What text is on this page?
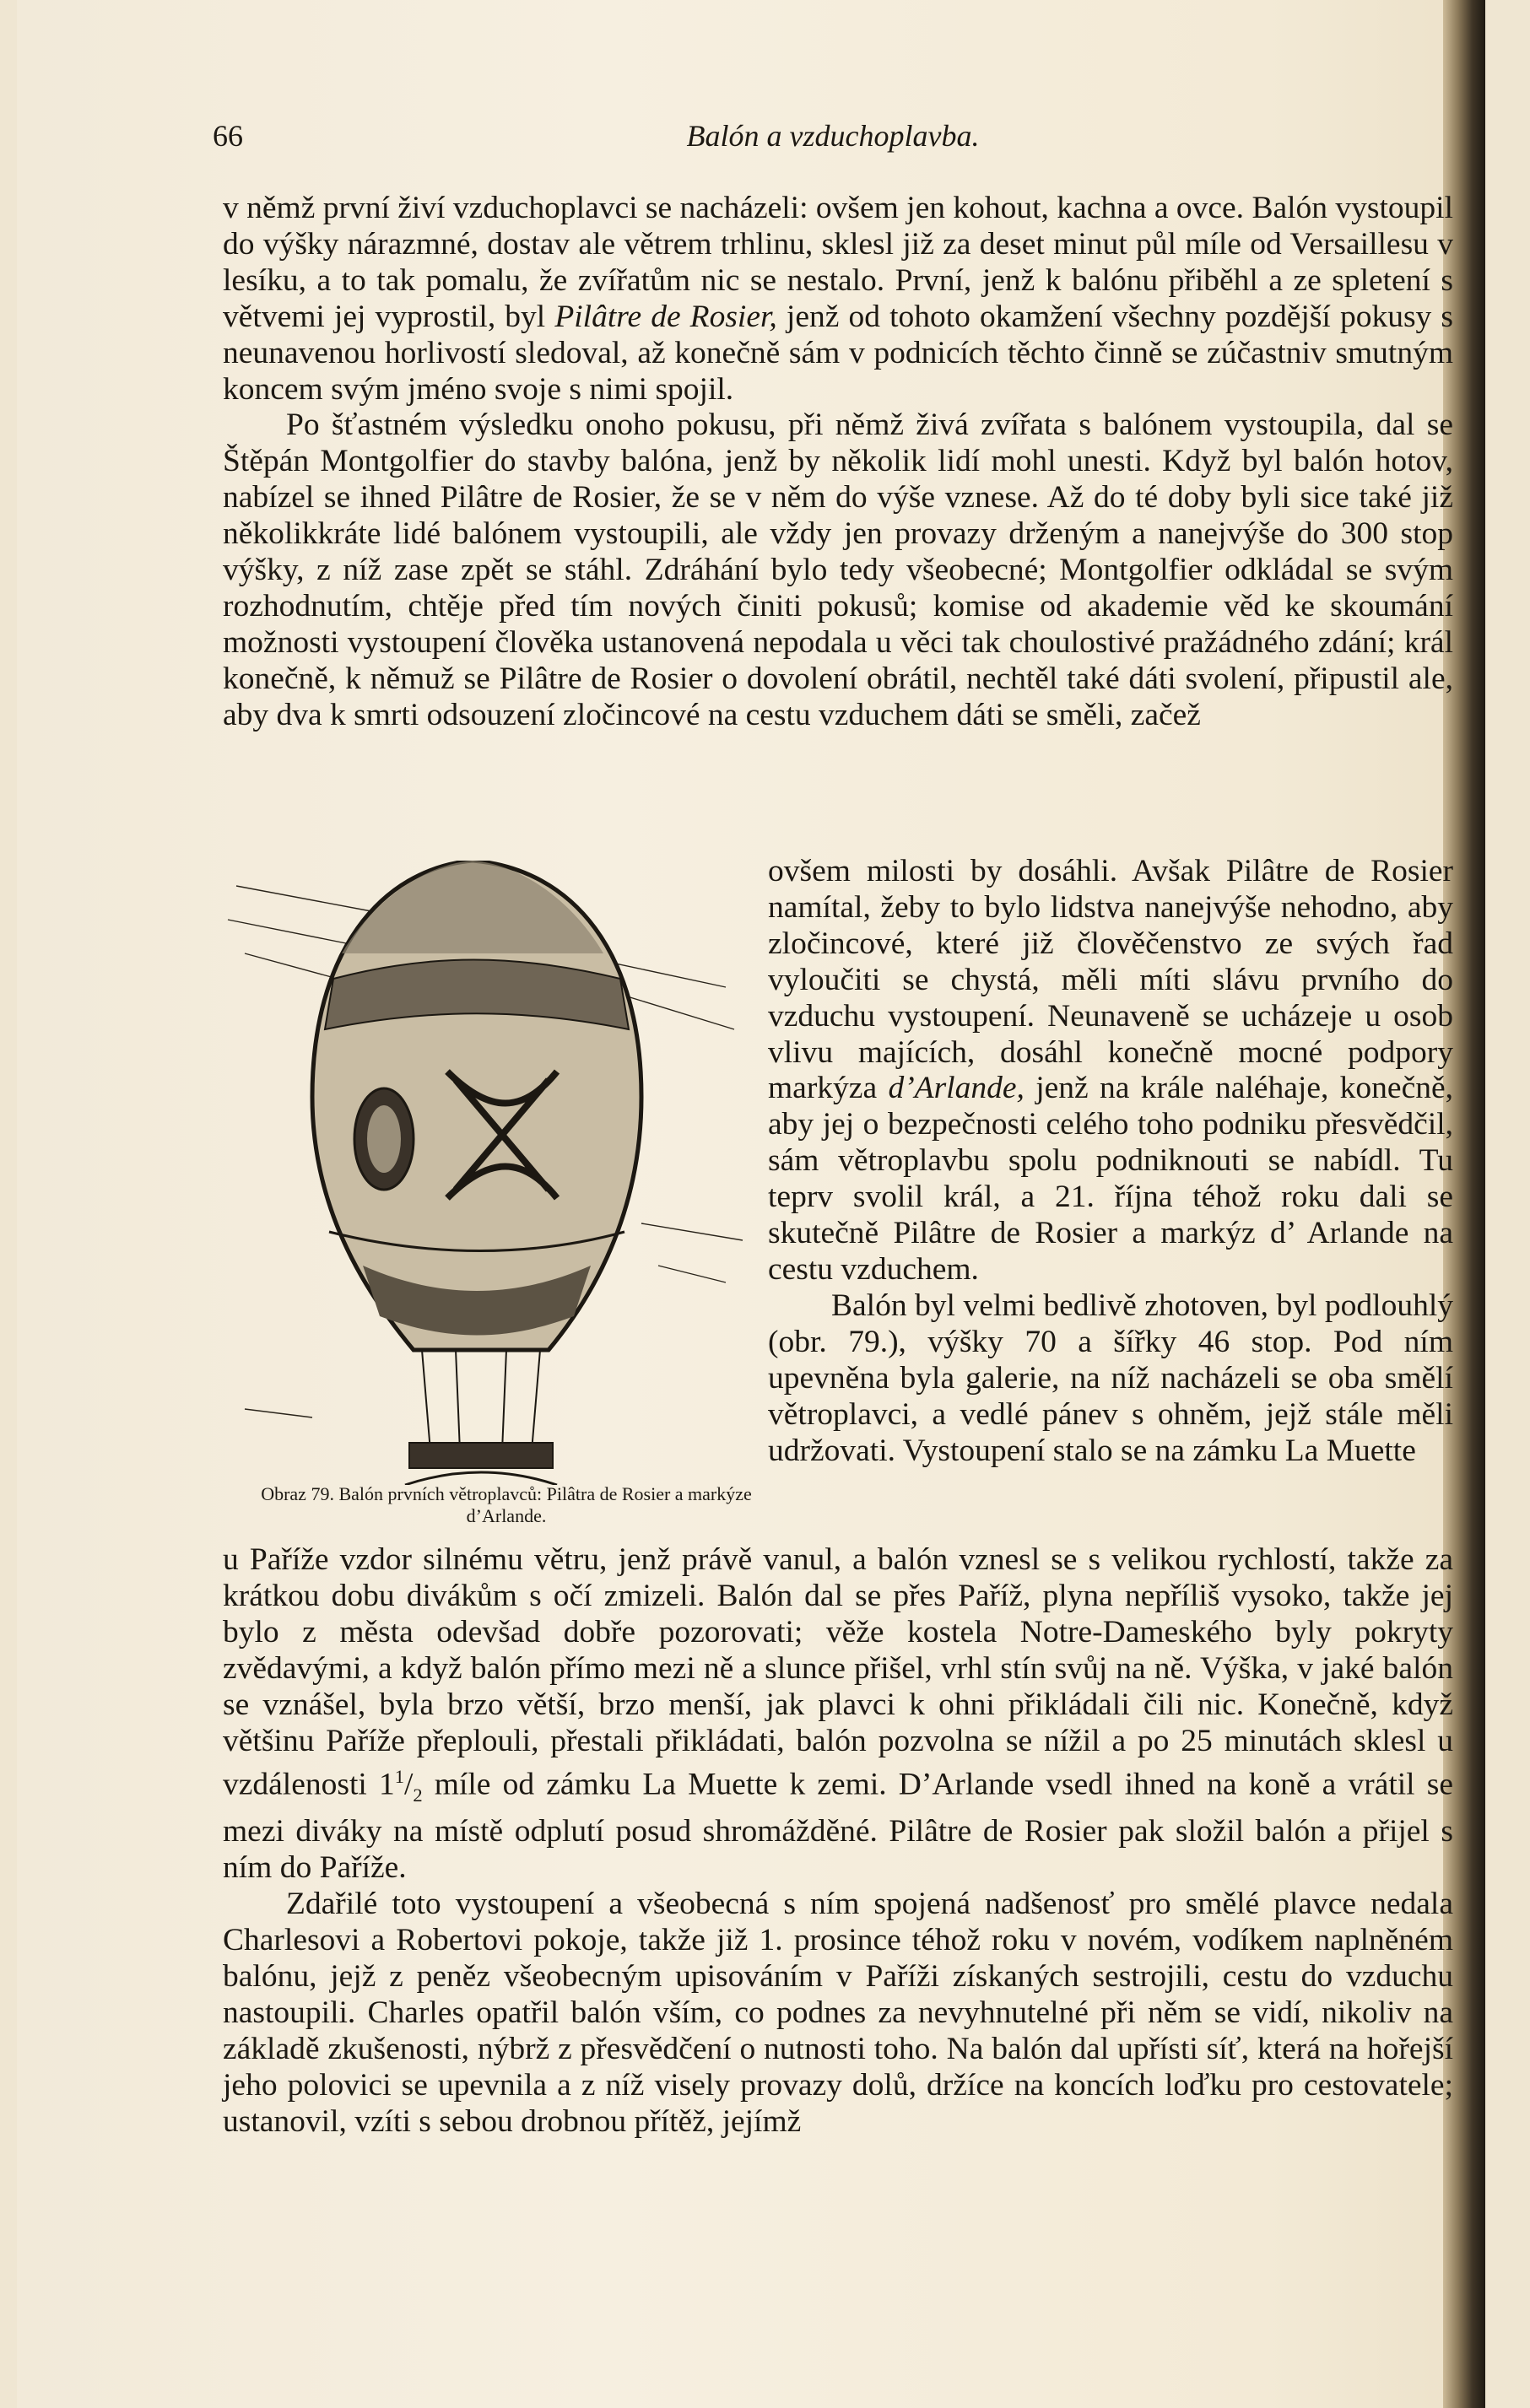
66	Balón a vzduchoplavba.

v němž první živí vzduchoplavci se nacházeli: ovšem jen kohout, kachna a ovce. Balón vystoupil do výšky nárazmné, dostav ale větrem trhlinu, sklesl již za deset minut půl míle od Versaillesu v lesíku, a to tak pomalu, že zvířatům nic se nestalo. První, jenž k balónu přiběhl a ze spletení s větvemi jej vyprostil, byl Pilâtre de Rosier, jenž od tohoto okamžení všechny pozdější pokusy s neunavenou horlivostí sledoval, až konečně sám v podnicích těchto činně se zúčastniv smutným koncem svým jméno svoje s nimi spojil.

Po šťastném výsledku onoho pokusu, při němž živá zvířata s balónem vystoupila, dal se Štěpán Montgolfier do stavby balóna, jenž by několik lidí mohl unesti. Když byl balón hotov, nabízel se ihned Pilâtre de Rosier, že se v něm do výše vznese. Až do té doby byli sice také již několikkráte lidé balónem vystoupili, ale vždy jen provazy drženým a nanejvýše do 300 stop výšky, z níž zase zpět se stáhl. Zdráhání bylo tedy všeobecné; Montgolfier odkládal se svým rozhodnutím, chtěje před tím nových činiti pokusů; komise od akademie věd ke skoumání možnosti vystoupení člověka ustanovená nepodala u věci tak choulostivé pražádného zdání; král konečně, k němuž se Pilâtre de Rosier o dovolení obrátil, nechtěl také dáti svolení, připustil ale, aby dva k smrti odsouzení zločincové na cestu vzduchem dáti se směli, začež

Obraz 79. Balón prvních větroplavců: Pilâtra de Rosier a markýze d’Arlande.

ovšem milosti by dosáhli. Avšak Pilâtre de Rosier namítal, žeby to bylo lidstva nanejvýše nehodno, aby zločincové, které již člověčenstvo ze svých řad vyloučiti se chystá, měli míti slávu prvního do vzduchu vystoupení. Neunaveně se ucházeje u osob vlivu majících, dosáhl konečně mocné podpory markýza d’Arlande, jenž na krále naléhaje, konečně, aby jej o bezpečnosti celého toho podniku přesvědčil, sám větroplavbu spolu podniknouti se nabídl. Tu teprv svolil král, a 21. října téhož roku dali se skutečně Pilâtre de Rosier a markýz d’ Arlande na cestu vzduchem.

Balón byl velmi bedlivě zhotoven, byl podlouhlý (obr. 79.), výšky 70 a šířky 46 stop. Pod ním upevněna byla galerie, na níž nacházeli se oba smělí větroplavci, a vedlé pánev s ohněm, jejž stále měli udržovati. Vystoupení stalo se na zámku La Muette

u Paříže vzdor silnému větru, jenž právě vanul, a balón vznesl se s velikou rychlostí, takže za krátkou dobu divákům s očí zmizeli. Balón dal se přes Paříž, plyna nepříliš vysoko, takže jej bylo z města odevšad dobře pozorovati; věže kostela Notre-Dameského byly pokryty zvědavými, a když balón přímo mezi ně a slunce přišel, vrhl stín svůj na ně. Výška, v jaké balón se vznášel, byla brzo větší, brzo menší, jak plavci k ohni přikládali čili nic. Konečně, když většinu Paříže přeplouli, přestali přikládati, balón pozvolna se nížil a po 25 minutách sklesl u vzdálenosti $1^1/_2$ míle od zámku La Muette k zemi. D’Arlande vsedl ihned na koně a vrátil se mezi diváky na místě odplutí posud shromážděné. Pilâtre de Rosier pak složil balón a přijel s ním do Paříže.

Zdařilé toto vystoupení a všeobecná s ním spojená nadšenosť pro smělé plavce nedala Charlesovi a Robertovi pokoje, takže již 1. prosince téhož roku v novém, vodíkem naplněném balónu, jejž z peněz všeobecným upisováním v Paříži získaných sestrojili, cestu do vzduchu nastoupili. Charles opatřil balón vším, co podnes za nevyhnutelné při něm se vidí, nikoliv na základě zkušenosti, nýbrž z přesvědčení o nutnosti toho. Na balón dal upřísti síť, která na hořejší jeho polovici se upevnila a z níž visely provazy dolů, držíce na koncích loďku pro cestovatele; ustanovil, vzíti s sebou drobnou přítěž, jejímž
